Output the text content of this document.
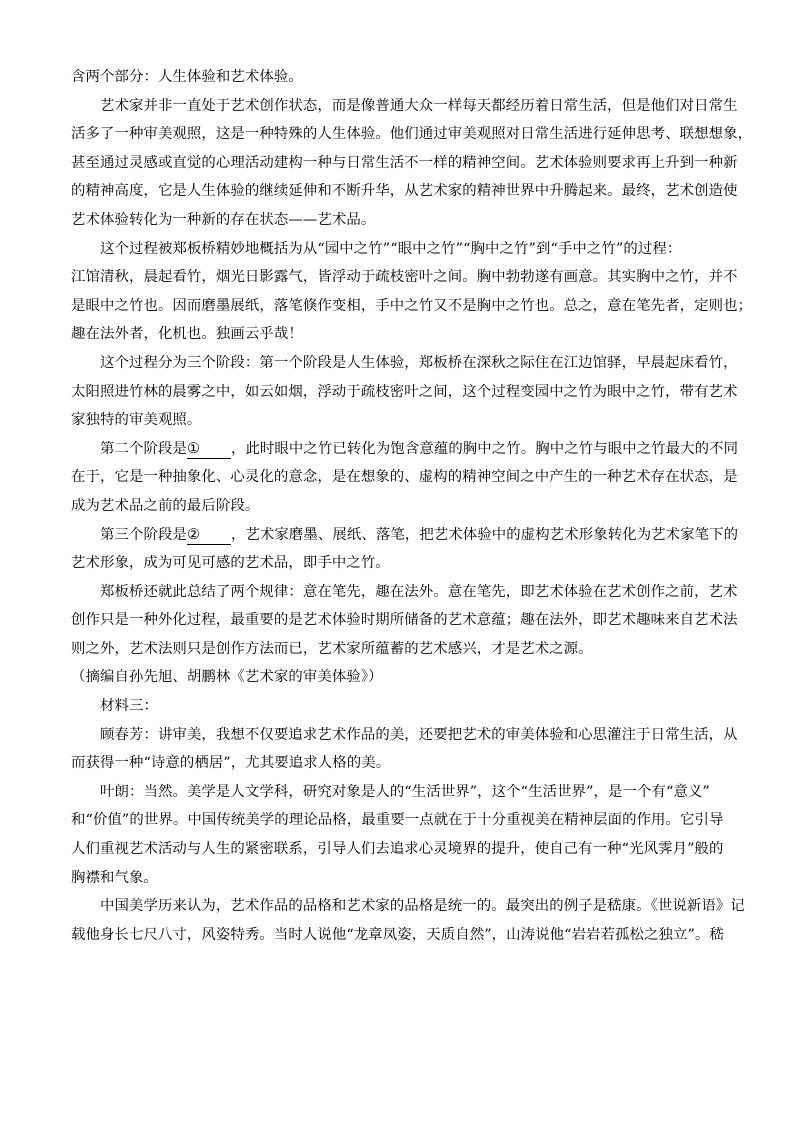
含两个部分：人生体验和艺术体验。

艺术家并非一直处于艺术创作状态，而是像普通大众一样每天都经历着日常生活，但是他们对日常生
活多了一种审美观照，这是一种特殊的人生体验。他们通过审美观照对日常生活进行延伸思考、联想想象，
甚至通过灵感或直觉的心理活动建构一种与日常生活不一样的精神空间。艺术体验则要求再上升到一种新
的精神高度，它是人生体验的继续延伸和不断升华，从艺术家的精神世界中升腾起来。最终，艺术创造使
艺术体验转化为一种新的存在状态——艺术品。

这个过程被郑板桥精妙地概括为从“园中之竹”“眼中之竹”“胸中之竹”到“手中之竹”的过程：
江馆清秋，晨起看竹，烟光日影露气，皆浮动于疏枝密叶之间。胸中勃勃遂有画意。其实胸中之竹，并不
是眼中之竹也。因而磨墨展纸，落笔倏作变相，手中之竹又不是胸中之竹也。总之，意在笔先者，定则也；
趣在法外者，化机也。独画云乎哉！

这个过程分为三个阶段：第一个阶段是人生体验，郑板桥在深秋之际住在江边馆驿，早晨起床看竹，
太阳照进竹林的晨雾之中，如云如烟，浮动于疏枝密叶之间，这个过程变园中之竹为眼中之竹，带有艺术
家独特的审美观照。

第二个阶段是① ，此时眼中之竹已转化为饱含意蕴的胸中之竹。胸中之竹与眼中之竹最大的不同
在于，它是一种抽象化、心灵化的意念，是在想象的、虚构的精神空间之中产生的一种艺术存在状态，是
成为艺术品之前的最后阶段。

第三个阶段是② ，艺术家磨墨、展纸、落笔，把艺术体验中的虚构艺术形象转化为艺术家笔下的
艺术形象，成为可见可感的艺术品，即手中之竹。

郑板桥还就此总结了两个规律：意在笔先，趣在法外。意在笔先，即艺术体验在艺术创作之前，艺术
创作只是一种外化过程，最重要的是艺术体验时期所储备的艺术意蕴；趣在法外，即艺术趣味来自艺术法
则之外，艺术法则只是创作方法而已，艺术家所蕴蓄的艺术感兴，才是艺术之源。

（摘编自孙先旭、胡鹏林《艺术家的审美体验》）

材料三：

顾春芳：讲审美，我想不仅要追求艺术作品的美，还要把艺术的审美体验和心思灌注于日常生活，从
而获得一种“诗意的栖居”，尤其要追求人格的美。

叶朗：当然。美学是人文学科，研究对象是人的“生活世界”，这个“生活世界”，是一个有“意义”
和“价值”的世界。中国传统美学的理论品格，最重要一点就在于十分重视美在精神层面的作用。它引导
人们重视艺术活动与人生的紧密联系，引导人们去追求心灵境界的提升，使自己有一种“光风霁月”般的
胸襟和气象。

中国美学历来认为，艺术作品的品格和艺术家的品格是统一的。最突出的例子是嵇康。《世说新语》记
载他身长七尺八寸，风姿特秀。当时人说他“龙章凤姿，天质自然”，山涛说他“岩岩若孤松之独立”。嵇
